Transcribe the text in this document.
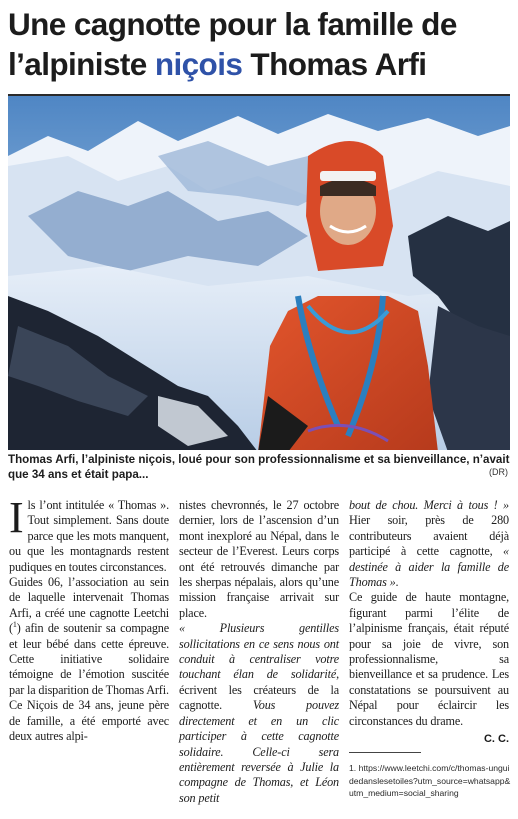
Une cagnotte pour la famille de l’alpiniste niçois Thomas Arfi

Thomas Arfi, l’alpiniste niçois, loué pour son professionnalisme et sa bienveillance, n’avait que 34 ans et était papa...	(DR)

Ils l’ont intitulée « Thomas ». Tout simplement. Sans doute parce que les mots manquent, ou que les montagnards restent pudiques en toutes circonstances.

Guides 06, l’association au sein de laquelle intervenait Thomas Arfi, a créé une cagnotte Leetchi ($^1$) afin de soutenir sa compagne et leur bébé dans cette épreuve. Cette initiative solidaire témoigne de l’émotion suscitée par la disparition de Thomas Arfi.

Ce Niçois de 34 ans, jeune père de famille, a été emporté avec deux autres alpi-

nistes chevronnés, le 27 octobre dernier, lors de l’ascension d’un mont inexploré au Népal, dans le secteur de l’Everest. Leurs corps ont été retrouvés dimanche par les sherpas népalais, alors qu’une mission française arrivait sur place.

« Plusieurs gentilles sollicitations en ce sens nous ont conduit à centraliser votre touchant élan de solidarité, écrivent les créateurs de la cagnotte. Vous pouvez directement et en un clic participer à cette cagnotte solidaire. Celle-ci sera entièrement reversée à Julie la compagne de Thomas, et Léon son petit

bout de chou. Merci à tous ! » Hier soir, près de 280 contributeurs avaient déjà participé à cette cagnotte, « destinée à aider la famille de Thomas ».

Ce guide de haute montagne, figurant parmi l’élite de l’alpinisme français, était réputé pour sa joie de vivre, son professionnalisme, sa bienveillance et sa prudence. Les constatations se poursuivent au Népal pour éclaircir les circonstances du drame.

C. C.
1. https://www.leetchi.com/c/thomas-unguidedanslesetoiles?utm_source=whatsapp&utm_medium=social_sharing
